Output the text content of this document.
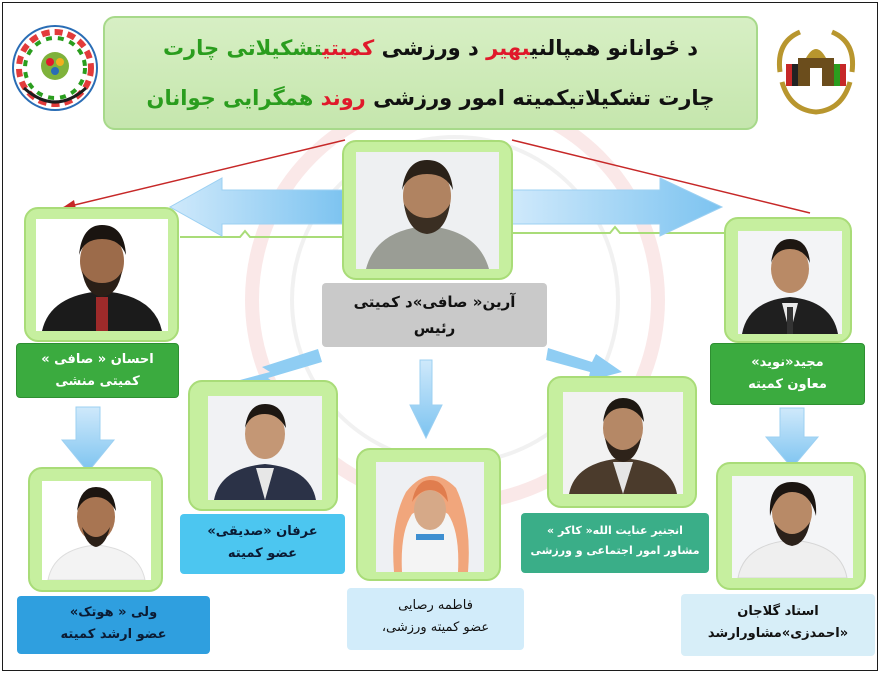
د ځوانانو همپالنیبهیر د ورزشی کمیتیتشکیلاتی چارت
چارت تشکیلاتیکمیته امور ورزشی روند همگرایی جوانان
آرین« صافی»د کمیتی
رئیس
احسان « صافی »
کمیتی منشی
مجید«نوید»
معاون کمیته
عرفان «صدیقی»
عضو کمیته
فاطمه رصایی
عضو کمیته ورزشی،
انجنیر عنایت الله« کاکر »
مشاور امور اجتماعی و ورزشی
ولی « هوتک»
عضو ارشد کمیته
استاد گلاجان
«احمدزی»مشاورارشد
